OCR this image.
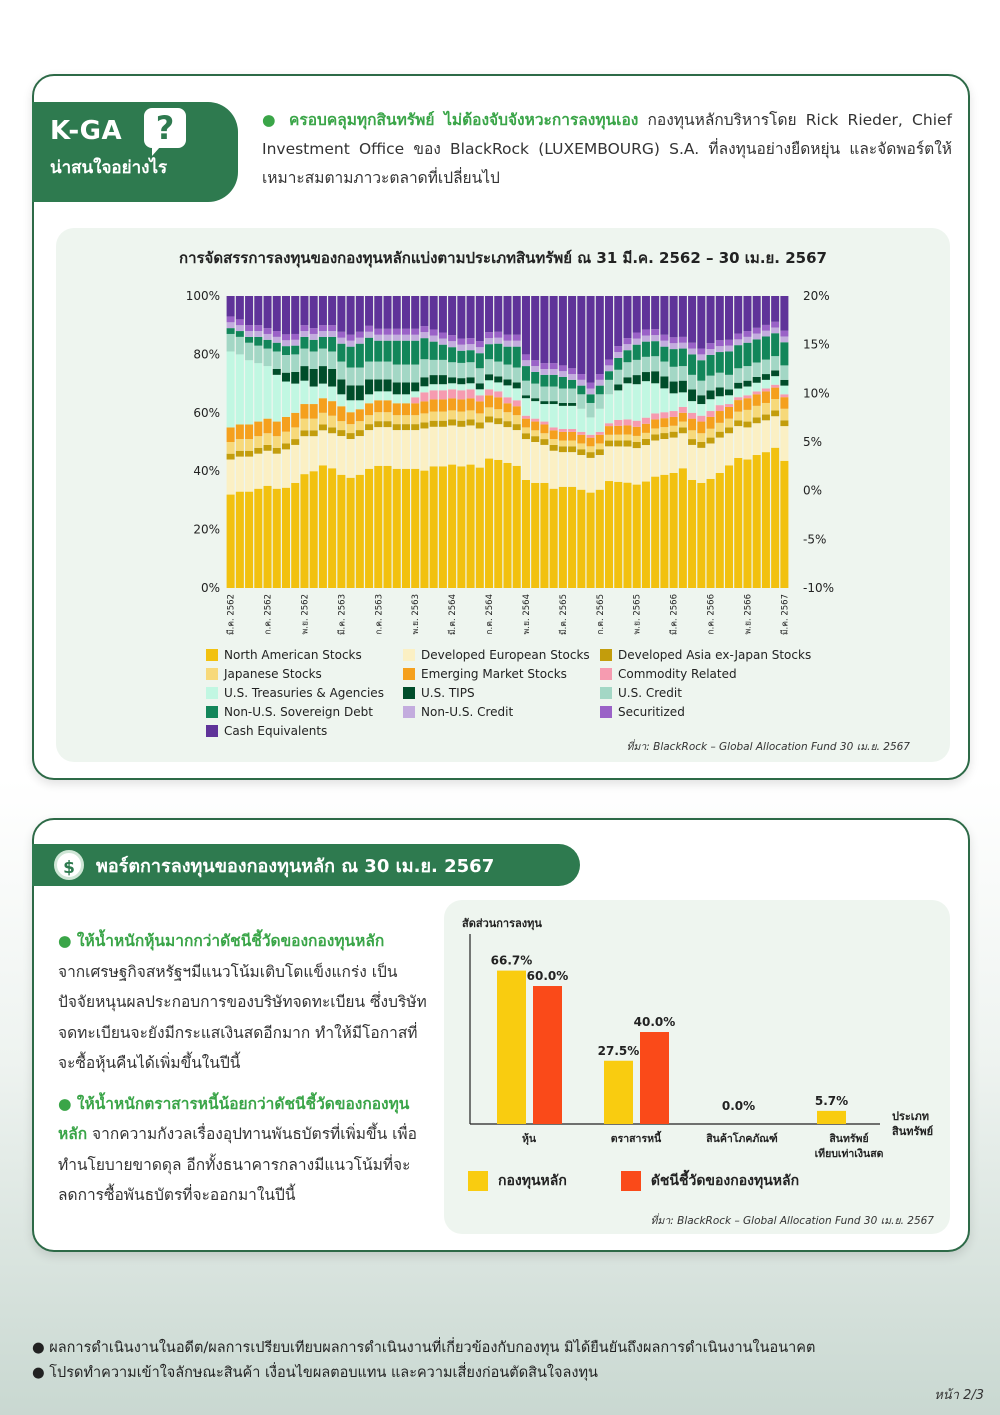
K-GA	?
น่าสนใจอย่างไร
● ครอบคลุมทุกสินทรัพย์ ไม่ต้องจับจังหวะการลงทุนเอง กองทุนหลักบริหารโดย Rick Rieder, Chief Investment Office ของ BlackRock (LUXEMBOURG) S.A. ที่ลงทุนอย่างยืดหยุ่น และจัดพอร์ตให้เหมาะสมตามภาวะตลาดที่เปลี่ยนไป
การจัดสรรการลงทุนของกองทุนหลักแบ่งตามประเภทสินทรัพย์ ณ 31 มี.ค. 2562 – 30 เม.ย. 2567
0%
20%
40%
60%
80%
100%
-10%
-5%
0%
5%
10%
15%
20%
มี.ค. 2562	ก.ค. 2562	พ.ย. 2562	มี.ค. 2563	ก.ค. 2563	พ.ย. 2563	มี.ค. 2564	ก.ค. 2564	พ.ย. 2564	มี.ค. 2565	ก.ค. 2565	พ.ย. 2565	มี.ค. 2566	ก.ค. 2566	พ.ย. 2566	มี.ค. 2567
North American Stocks	Developed European Stocks Developed Asia ex-Japan Stocks
Japanese Stocks	Emerging Market Stocks	Commodity Related
U.S. Treasuries & Agencies	U.S. TIPS	U.S. Credit
Non-U.S. Sovereign Debt	Non-U.S. Credit	Securitized
Cash Equivalents
ที่มา: BlackRock – Global Allocation Fund 30 เม.ย. 2567
$	พอร์ตการลงทุนของกองทุนหลัก ณ 30 เม.ย. 2567

● ให้น้ำหนักหุ้นมากกว่าดัชนีชี้วัดของกองทุนหลัก
จากเศรษฐกิจสหรัฐฯมีแนวโน้มเติบโตแข็งแกร่ง เป็นปัจจัยหนุนผลประกอบการของบริษัทจดทะเบียน ซึ่งบริษัทจดทะเบียนจะยังมีกระแสเงินสดอีกมาก ทำให้มีโอกาสที่จะซื้อหุ้นคืนได้เพิ่มขึ้นในปีนี้

● ให้น้ำหนักตราสารหนี้น้อยกว่าดัชนีชี้วัดของกองทุนหลัก จากความกังวลเรื่องอุปทานพันธบัตรที่เพิ่มขึ้น เพื่อทำนโยบายขาดดุล อีกทั้งธนาคารกลางมีแนวโน้มที่จะลดการซื้อพันธบัตรที่จะออกมาในปีนี้

สัดส่วนการลงทุน
66.7%
60.0%
หุ้น
27.5%
40.0%
ตราสารหนี้
0.0%
สินค้าโภคภัณฑ์
5.7%
สินทรัพย์
เทียบเท่าเงินสด
ประเภท
สินทรัพย์
กองทุนหลัก	ดัชนีชี้วัดของกองทุนหลัก
ที่มา: BlackRock – Global Allocation Fund 30 เม.ย. 2567
● ผลการดำเนินงานในอดีต/ผลการเปรียบเทียบผลการดำเนินงานที่เกี่ยวข้องกับกองทุน มิได้ยืนยันถึงผลการดำเนินงานในอนาคต
● โปรดทำความเข้าใจลักษณะสินค้า เงื่อนไขผลตอบแทน และความเสี่ยงก่อนตัดสินใจลงทุน
หน้า 2/3
